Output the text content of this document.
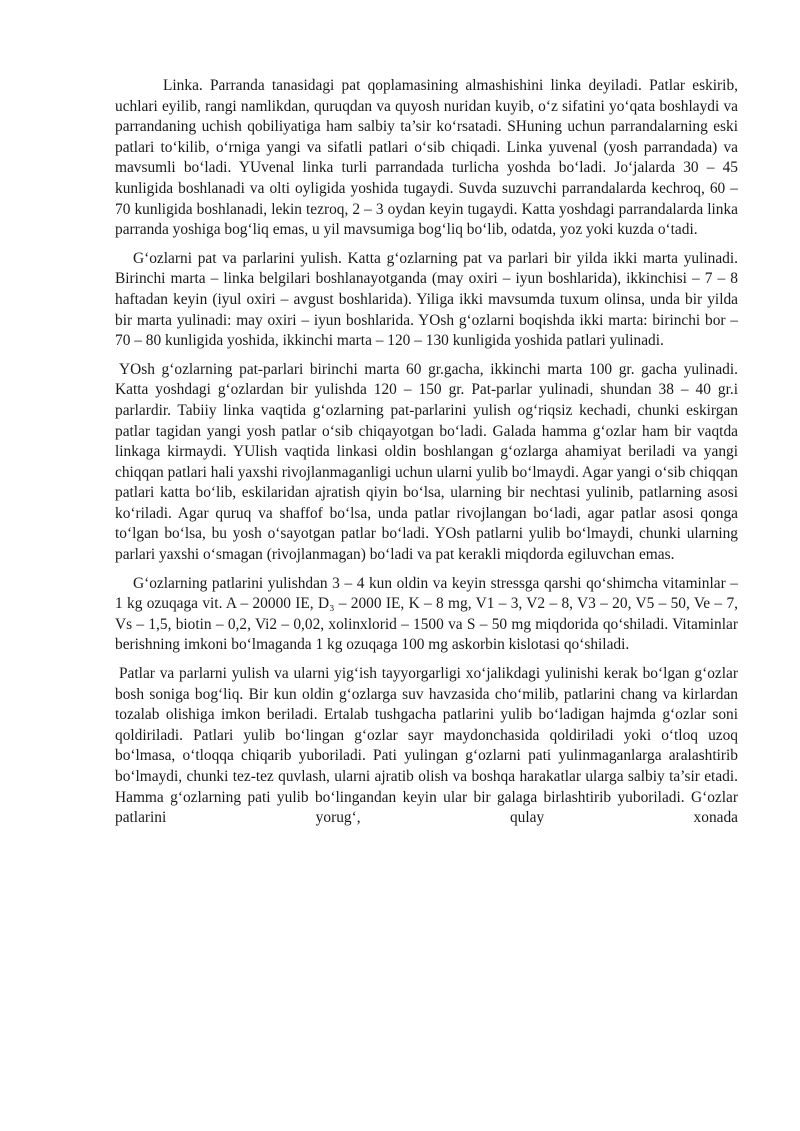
Linka. Parranda tanasidagi pat qoplamasining almashishini linka deyiladi. Patlar eskirib, uchlari eyilib, rangi namlikdan, quruqdan va quyosh nuridan kuyib, o‘z sifatini yo‘qata boshlaydi va parrandaning uchish qobiliyatiga ham salbiy ta’sir ko‘rsatadi. SHuning uchun parrandalarning eski patlari to‘kilib, o‘rniga yangi va sifatli patlari o‘sib chiqadi. Linka yuvenal (yosh parrandada) va mavsumli bo‘ladi. YUvenal linka turli parrandada turlicha yoshda bo‘ladi. Jo‘jalarda 30 – 45 kunligida boshlanadi va olti oyligida yoshida tugaydi. Suvda suzuvchi parrandalarda kechroq, 60 – 70 kunligida boshlanadi, lekin tezroq, 2 – 3 oydan keyin tugaydi. Katta yoshdagi parrandalarda linka parranda yoshiga bog‘liq emas, u yil mavsumiga bog‘liq bo‘lib, odatda, yoz yoki kuzda o‘tadi.

G‘ozlarni pat va parlarini yulish. Katta g‘ozlarning pat va parlari bir yilda ikki marta yulinadi. Birinchi marta – linka belgilari boshlanayotganda (may oxiri – iyun boshlarida), ikkinchisi – 7 – 8 haftadan keyin (iyul oxiri – avgust boshlarida). Yiliga ikki mavsumda tuxum olinsa, unda bir yilda bir marta yulinadi: may oxiri – iyun boshlarida. YOsh g‘ozlarni boqishda ikki marta: birinchi bor – 70 – 80 kunligida yoshida, ikkinchi marta – 120 – 130 kunligida yoshida patlari yulinadi.

YOsh g‘ozlarning pat-parlari birinchi marta 60 gr.gacha, ikkinchi marta 100 gr. gacha yulinadi. Katta yoshdagi g‘ozlardan bir yulishda 120 – 150 gr. Pat-parlar yulinadi, shundan 38 – 40 gr.i parlardir. Tabiiy linka vaqtida g‘ozlarning pat-parlarini yulish og‘riqsiz kechadi, chunki eskirgan patlar tagidan yangi yosh patlar o‘sib chiqayotgan bo‘ladi. Galada hamma g‘ozlar ham bir vaqtda linkaga kirmaydi. YUlish vaqtida linkasi oldin boshlangan g‘ozlarga ahamiyat beriladi va yangi chiqqan patlari hali yaxshi rivojlanmaganligi uchun ularni yulib bo‘lmaydi. Agar yangi o‘sib chiqqan patlari katta bo‘lib, eskilaridan ajratish qiyin bo‘lsa, ularning bir nechtasi yulinib, patlarning asosi ko‘riladi. Agar quruq va shaffof bo‘lsa, unda patlar rivojlangan bo‘ladi, agar patlar asosi qonga to‘lgan bo‘lsa, bu yosh o‘sayotgan patlar bo‘ladi. YOsh patlarni yulib bo‘lmaydi, chunki ularning parlari yaxshi o‘smagan (rivojlanmagan) bo‘ladi va pat kerakli miqdorda egiluvchan emas.

G‘ozlarning patlarini yulishdan 3 – 4 kun oldin va keyin stressga qarshi qo‘shimcha vitaminlar – 1 kg ozuqaga vit. A – 20000 IE, D₃ – 2000 IE, K – 8 mg, V1 – 3, V2 – 8, V3 – 20, V5 – 50, Ve – 7, Vs – 1,5, biotin – 0,2, Vi2 – 0,02, xolinxlorid – 1500 va S – 50 mg miqdorida qo‘shiladi. Vitaminlar berishning imkoni bo‘lmaganda 1 kg ozuqaga 100 mg askorbin kislotasi qo‘shiladi.

Patlar va parlarni yulish va ularni yig‘ish tayyorgarligi xo‘jalikdagi yulinishi kerak bo‘lgan g‘ozlar bosh soniga bog‘liq. Bir kun oldin g‘ozlarga suv havzasida cho‘milib, patlarini chang va kirlardan tozalab olishiga imkon beriladi. Ertalab tushgacha patlarini yulib bo‘ladigan hajmda g‘ozlar soni qoldiriladi. Patlari yulib bo‘lingan g‘ozlar sayr maydonchasida qoldiriladi yoki o‘tloq uzoq bo‘lmasa, o‘tloqqa chiqarib yuboriladi. Pati yulingan g‘ozlarni pati yulinmaganlarga aralashtirib bo‘lmaydi, chunki tez-tez quvlash, ularni ajratib olish va boshqa harakatlar ularga salbiy ta’sir etadi. Hamma g‘ozlarning pati yulib bo‘lingandan keyin ular bir galaga birlashtirib yuboriladi. G‘ozlar patlarini yorug‘, qulay xonada
